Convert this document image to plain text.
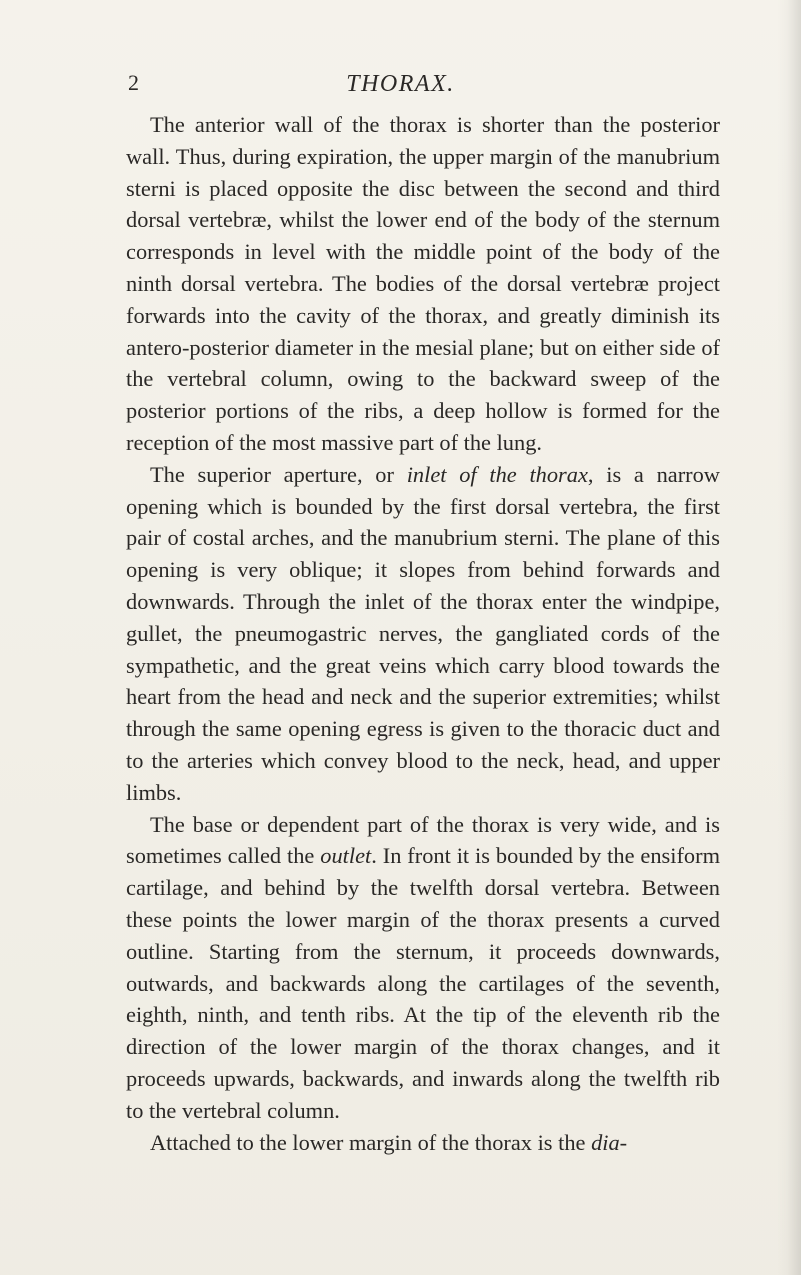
2	THORAX.

The anterior wall of the thorax is shorter than the posterior wall. Thus, during expiration, the upper margin of the manubrium sterni is placed opposite the disc between the second and third dorsal vertebræ, whilst the lower end of the body of the sternum corresponds in level with the middle point of the body of the ninth dorsal vertebra. The bodies of the dorsal vertebræ project forwards into the cavity of the thorax, and greatly diminish its antero-posterior diameter in the mesial plane; but on either side of the vertebral column, owing to the backward sweep of the posterior portions of the ribs, a deep hollow is formed for the reception of the most massive part of the lung.

The superior aperture, or inlet of the thorax, is a narrow opening which is bounded by the first dorsal vertebra, the first pair of costal arches, and the manubrium sterni. The plane of this opening is very oblique; it slopes from behind forwards and downwards. Through the inlet of the thorax enter the windpipe, gullet, the pneumogastric nerves, the gangliated cords of the sympathetic, and the great veins which carry blood towards the heart from the head and neck and the superior extremities; whilst through the same opening egress is given to the thoracic duct and to the arteries which convey blood to the neck, head, and upper limbs.

The base or dependent part of the thorax is very wide, and is sometimes called the outlet. In front it is bounded by the ensiform cartilage, and behind by the twelfth dorsal vertebra. Between these points the lower margin of the thorax presents a curved outline. Starting from the sternum, it proceeds downwards, outwards, and backwards along the cartilages of the seventh, eighth, ninth, and tenth ribs. At the tip of the eleventh rib the direction of the lower margin of the thorax changes, and it proceeds upwards, backwards, and inwards along the twelfth rib to the vertebral column.

Attached to the lower margin of the thorax is the dia-
